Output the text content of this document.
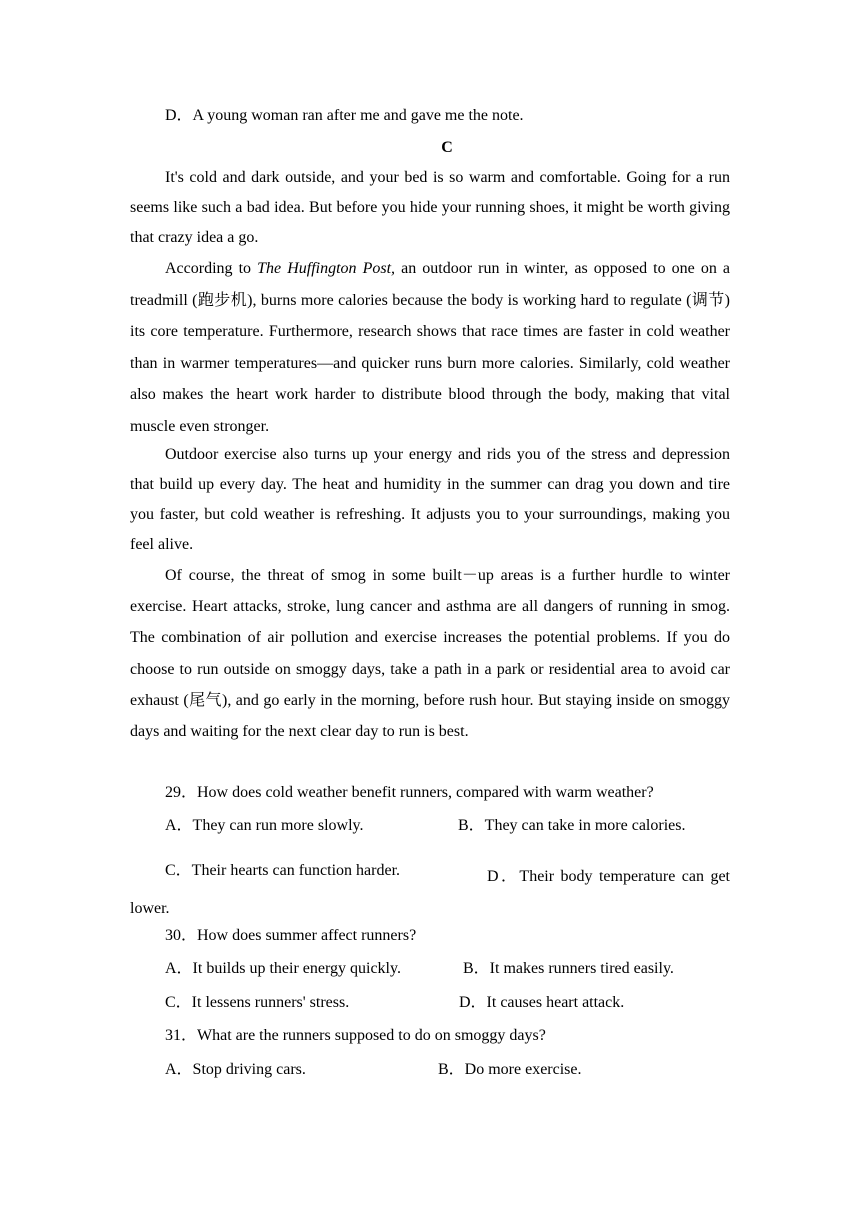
D．A young woman ran after me and gave me the note.
C
It's cold and dark outside, and your bed is so warm and comfortable. Going for a run seems like such a bad idea. But before you hide your running shoes, it might be worth giving that crazy idea a go.
According to The Huffington Post, an outdoor run in winter, as opposed to one on a treadmill (跑步机), burns more calories because the body is working hard to regulate (调节) its core temperature. Furthermore, research shows that race times are faster in cold weather than in warmer temperatures—and quicker runs burn more calories. Similarly, cold weather also makes the heart work harder to distribute blood through the body, making that vital muscle even stronger.
Outdoor exercise also turns up your energy and rids you of the stress and depression that build up every day. The heat and humidity in the summer can drag you down and tire you faster, but cold weather is refreshing. It adjusts you to your surroundings, making you feel alive.
Of course, the threat of smog in some built－up areas is a further hurdle to winter exercise. Heart attacks, stroke, lung cancer and asthma are all dangers of running in smog. The combination of air pollution and exercise increases the potential problems. If you do choose to run outside on smoggy days, take a path in a park or residential area to avoid car exhaust (尾气), and go early in the morning, before rush hour. But staying inside on smoggy days and waiting for the next clear day to run is best.
29．How does cold weather benefit runners, compared with warm weather?
A．They can run more slowly.	B．They can take in more calories.
C．Their hearts can function harder.	D．Their body temperature can get lower.
30．How does summer affect runners?
A．It builds up their energy quickly.	B．It makes runners tired easily.
C．It lessens runners' stress.	D．It causes heart attack.
31．What are the runners supposed to do on smoggy days?
A．Stop driving cars.	B．Do more exercise.
